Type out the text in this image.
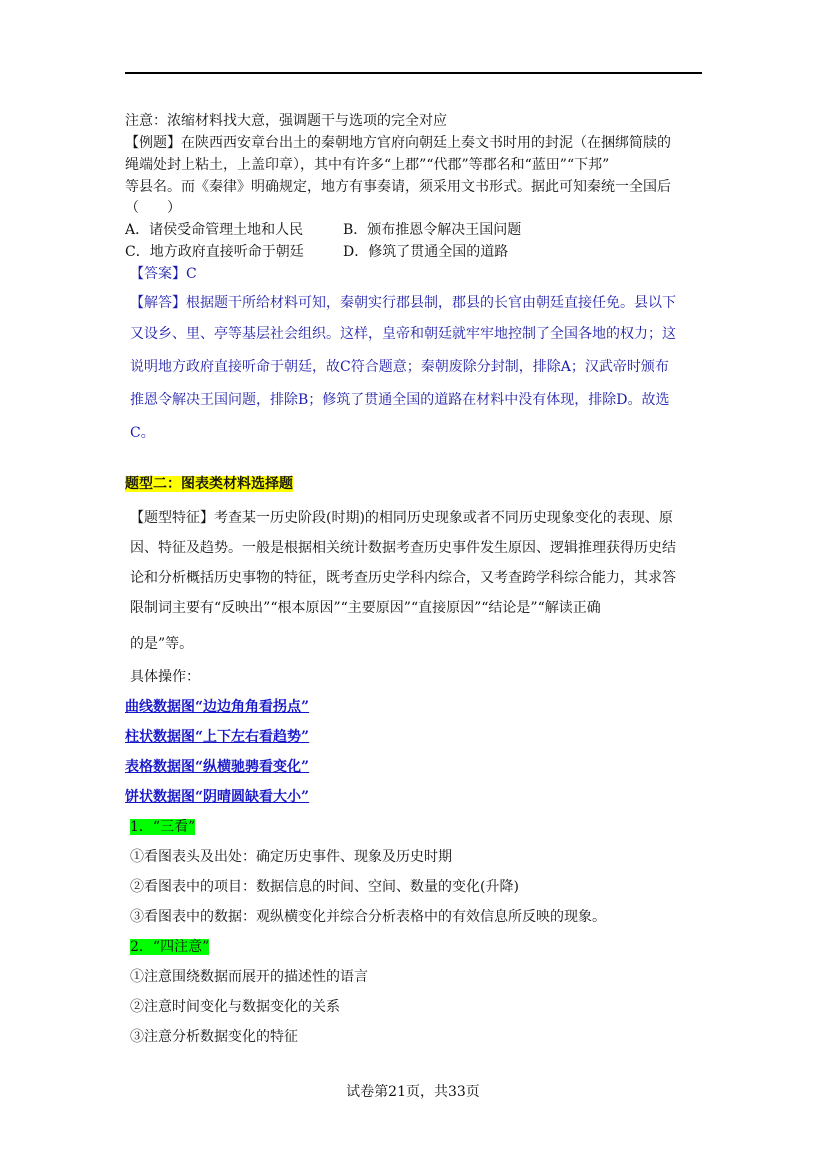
注意：浓缩材料找大意，强调题干与选项的完全对应
【例题】在陕西西安章台出土的秦朝地方官府向朝廷上奏文书时用的封泥（在捆绑简牍的
绳端处封上粘土，上盖印章），其中有许多“上郡”“代郡”等郡名和“蓝田”“下邦”
等县名。而《秦律》明确规定，地方有事奏请，须采用文书形式。据此可知秦统一全国后
（　　）
A．诸侯受命管理土地和人民	B．颁布推恩令解决王国问题
C．地方政府直接听命于朝廷	D．修筑了贯通全国的道路
【答案】C
【解答】根据题干所给材料可知，秦朝实行郡县制，郡县的长官由朝廷直接任免。县以下
又设乡、里、亭等基层社会组织。这样，皇帝和朝廷就牢牢地控制了全国各地的权力；这
说明地方政府直接听命于朝廷，故C符合题意；秦朝废除分封制，排除A；汉武帝时颁布
推恩令解决王国问题，排除B；修筑了贯通全国的道路在材料中没有体现，排除D。故选
C。
题型二：图表类材料选择题
【题型特征】考查某一历史阶段(时期)的相同历史现象或者不同历史现象变化的表现、原
因、特征及趋势。一般是根据相关统计数据考查历史事件发生原因、逻辑推理获得历史结
论和分析概括历史事物的特征，既考查历史学科内综合，又考查跨学科综合能力，其求答
限制词主要有“反映出”“根本原因”“主要原因”“直接原因”“结论是”“解读正确
的是”等。
具体操作：
曲线数据图“边边角角看拐点”
柱状数据图“上下左右看趋势”
表格数据图“纵横驰骋看变化”
饼状数据图“阴晴圆缺看大小”
1．“三看”
①看图表头及出处：确定历史事件、现象及历史时期
②看图表中的项目：数据信息的时间、空间、数量的变化(升降)
③看图表中的数据：观纵横变化并综合分析表格中的有效信息所反映的现象。
2．“四注意”
①注意围绕数据而展开的描述性的语言
②注意时间变化与数据变化的关系
③注意分析数据变化的特征
试卷第21页，共33页
